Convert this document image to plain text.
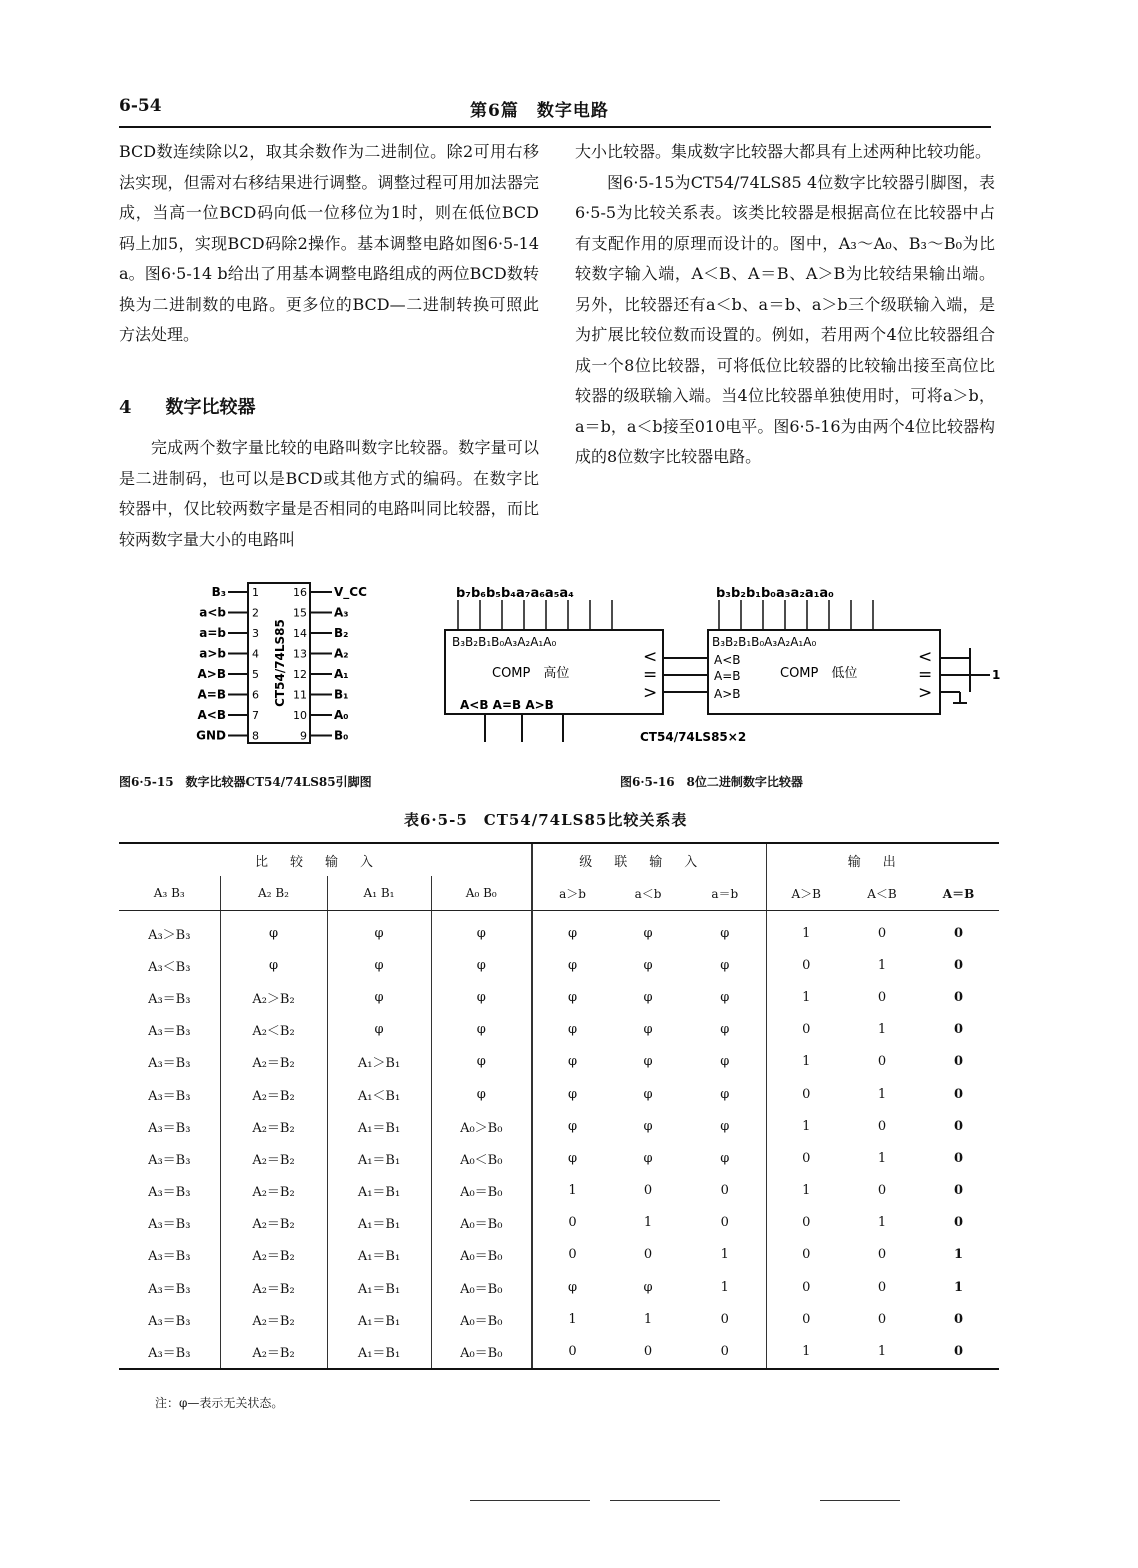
6-54	第6篇　数字电路

BCD数连续除以2，取其余数作为二进制位。除2可用右移法实现，但需对右移结果进行调整。调整过程可用加法器完成，当高一位BCD码向低一位移位为1时，则在低位BCD码上加5，实现BCD码除2操作。基本调整电路如图6·5-14 a。图6·5-14 b给出了用基本调整电路组成的两位BCD数转换为二进制数的电路。更多位的BCD—二进制转换可照此方法处理。

4 数字比较器

完成两个数字量比较的电路叫数字比较器。数字量可以是二进制码，也可以是BCD或其他方式的编码。在数字比较器中，仅比较两数字量是否相同的电路叫同比较器，而比较两数字量大小的电路叫

大小比较器。集成数字比较器大都具有上述两种比较功能。

图6·5-15为CT54/74LS85 4位数字比较器引脚图，表6·5-5为比较关系表。该类比较器是根据高位在比较器中占有支配作用的原理而设计的。图中，A₃～A₀、B₃～B₀为比较数字输入端，A＜B、A＝B、A＞B为比较结果输出端。另外，比较器还有a＜b、a＝b、a＞b三个级联输入端，是为扩展比较位数而设置的。例如，若用两个4位比较器组合成一个8位比较器，可将低位比较器的比较输出接至高位比较器的级联输入端。当4位比较器单独使用时，可将a＞b，a＝b，a＜b接至010电平。图6·5-16为由两个4位比较器构成的8位数字比较器电路。

CT54/74LS85
B₃ 1
a<b 2
a=b 3
a>b 4
A>B 5
A=B 6
A<B 7
GND 8
16 V_CC
15 A₃
14 B₂
13 A₂
12 A₁
11 B₁
10 A₀
9 B₀
图6·5-15　数字比较器CT54/74LS85引脚图
b₇b₆b₅b₄a₇a₆a₅a₄	b₃b₂b₁b₀a₃a₂a₁a₀
B₃B₂B₁B₀A₃A₂A₁A₀	B₃B₂B₁B₀A₃A₂A₁A₀
COMP　高位	COMP　低位
<
=
>
<
=
>
A<B
A=B
A>B
A<B A=B A>B
1
CT54/74LS85×2
图6·5-16　8位二进制数字比较器
表6·5-5　CT54/74LS85比较关系表
比较输入				级联输入			输出		
A₃ B₃	A₂ B₂	A₁ B₁	A₀ B₀	a＞b	a＜b	a＝b	A＞B	A＜B	A＝B
A₃＞B₃	φ	φ	φ	φ	φ	φ	1	0	0
A₃＜B₃	φ	φ	φ	φ	φ	φ	0	1	0
A₃＝B₃	A₂＞B₂	φ	φ	φ	φ	φ	1	0	0
A₃＝B₃	A₂＜B₂	φ	φ	φ	φ	φ	0	1	0
A₃＝B₃	A₂＝B₂	A₁＞B₁	φ	φ	φ	φ	1	0	0
A₃＝B₃	A₂＝B₂	A₁＜B₁	φ	φ	φ	φ	0	1	0
A₃＝B₃	A₂＝B₂	A₁＝B₁	A₀＞B₀	φ	φ	φ	1	0	0
A₃＝B₃	A₂＝B₂	A₁＝B₁	A₀＜B₀	φ	φ	φ	0	1	0
A₃＝B₃	A₂＝B₂	A₁＝B₁	A₀＝B₀	1	0	0	1	0	0
A₃＝B₃	A₂＝B₂	A₁＝B₁	A₀＝B₀	0	1	0	0	1	0
A₃＝B₃	A₂＝B₂	A₁＝B₁	A₀＝B₀	0	0	1	0	0	1
A₃＝B₃	A₂＝B₂	A₁＝B₁	A₀＝B₀	φ	φ	1	0	0	1
A₃＝B₃	A₂＝B₂	A₁＝B₁	A₀＝B₀	1	1	0	0	0	0
A₃＝B₃	A₂＝B₂	A₁＝B₁	A₀＝B₀	0	0	0	1	1	0
注：φ—表示无关状态。
